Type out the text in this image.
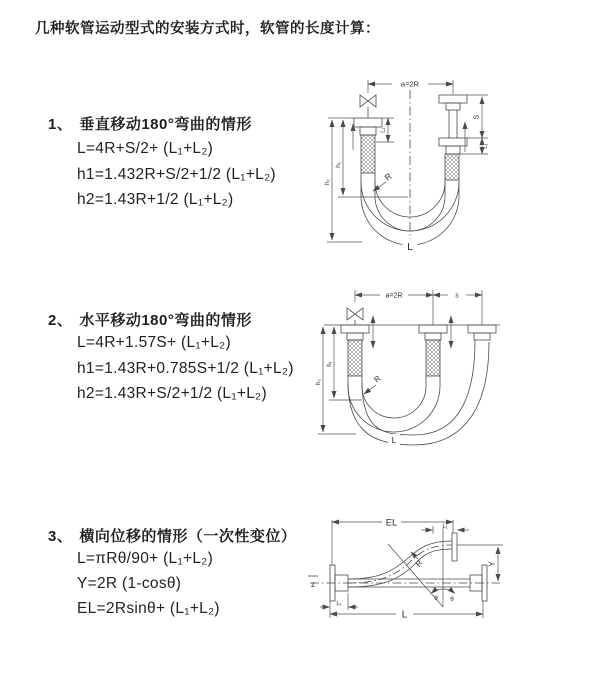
几种软管运动型式的安装方式时，软管的长度计算：
1、 垂直移动180°弯曲的情形
L=4R+S/2+ (L₁+L₂)
h1=1.432R+S/2+1/2 (L₁+L₂)
h2=1.43R+1/2 (L₁+L₂)
2、 水平移动180°弯曲的情形
L=4R+1.57S+ (L₁+L₂)
h1=1.43R+0.785S+1/2 (L₁+L₂)
h2=1.43R+S/2+1/2 (L₁+L₂)
3、 横向位移的情形（一次性变位）
L=πRθ/90+ (L₁+L₂)
Y=2R (1-cosθ)
EL=2Rsinθ+ (L₁+L₂)
a=2R
h₂
h₁
L₁
S
L₁
R
L
a=2R	s
R
h₂
h₁
L
z
EL	L₁
θ θ
R	Y
L₁
L
